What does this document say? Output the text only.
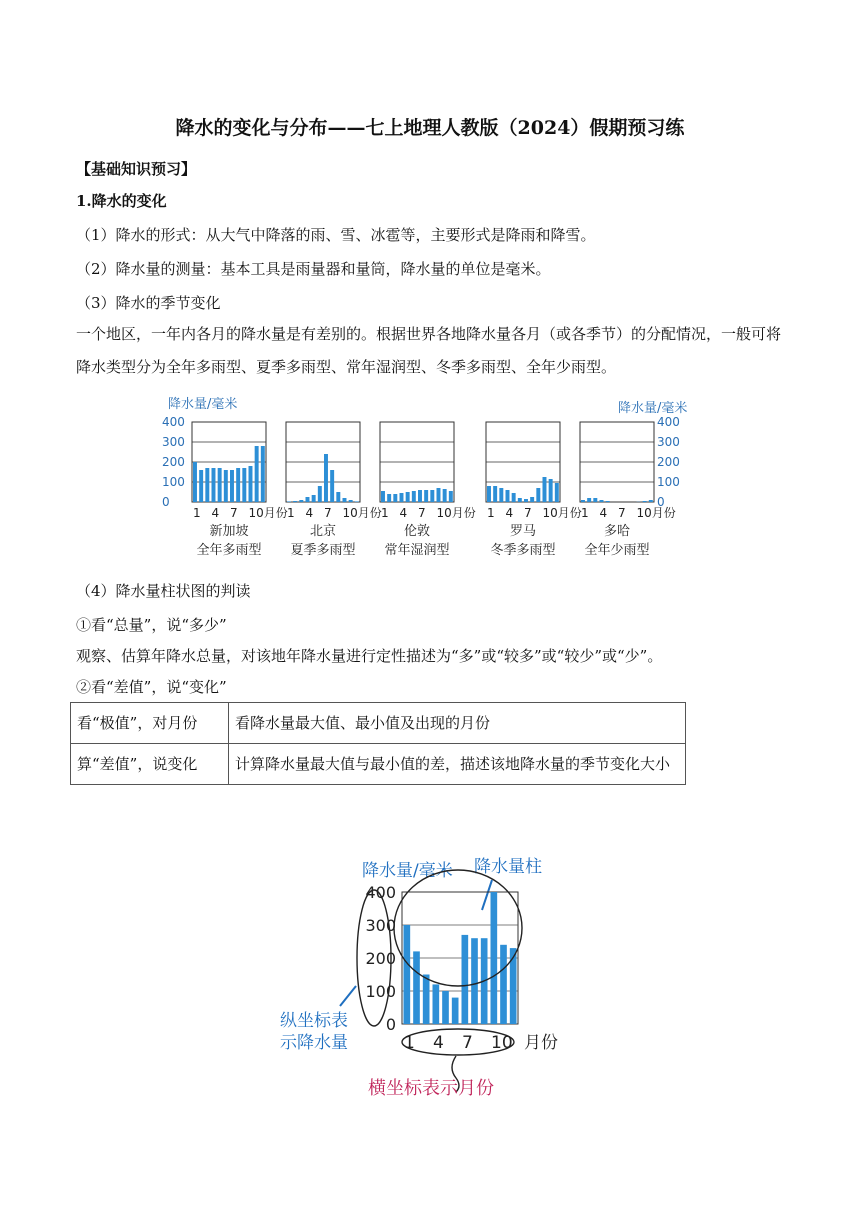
降水的变化与分布——七上地理人教版（2024）假期预习练
【基础知识预习】
1.降水的变化
（1）降水的形式：从大气中降落的雨、雪、冰雹等，主要形式是降雨和降雪。
（2）降水量的测量：基本工具是雨量器和量筒，降水量的单位是毫米。
（3）降水的季节变化
一个地区，一年内各月的降水量是有差别的。根据世界各地降水量各月（或各季节）的分配情况，一般可将降水类型分为全年多雨型、夏季多雨型、常年湿润型、冬季多雨型、全年少雨型。
降水量/毫米	降水量/毫米
0	0
100	100
200	200
300	300
400	400
1 4 7 10月份
新加坡
全年多雨型
1 4 7 10月份
北京
夏季多雨型
1 4 7 10月份
伦敦
常年湿润型
1 4 7 10月份
罗马
冬季多雨型
1 4 7 10月份
多哈
全年少雨型
（4）降水量柱状图的判读
①看“总量”，说“多少”
观察、估算年降水总量，对该地年降水量进行定性描述为“多”或“较多”或“较少”或“少”。
②看“差值”，说“变化”
看“极值”，对月份	看降水量最大值、最小值及出现的月份
算“差值”，说变化	计算降水量最大值与最小值的差，描述该地降水量的季节变化大小
降水量/毫米 降水量柱
0
100
200
300
400
1 4 7 10 月份
纵坐标表
示降水量
横坐标表示月份
